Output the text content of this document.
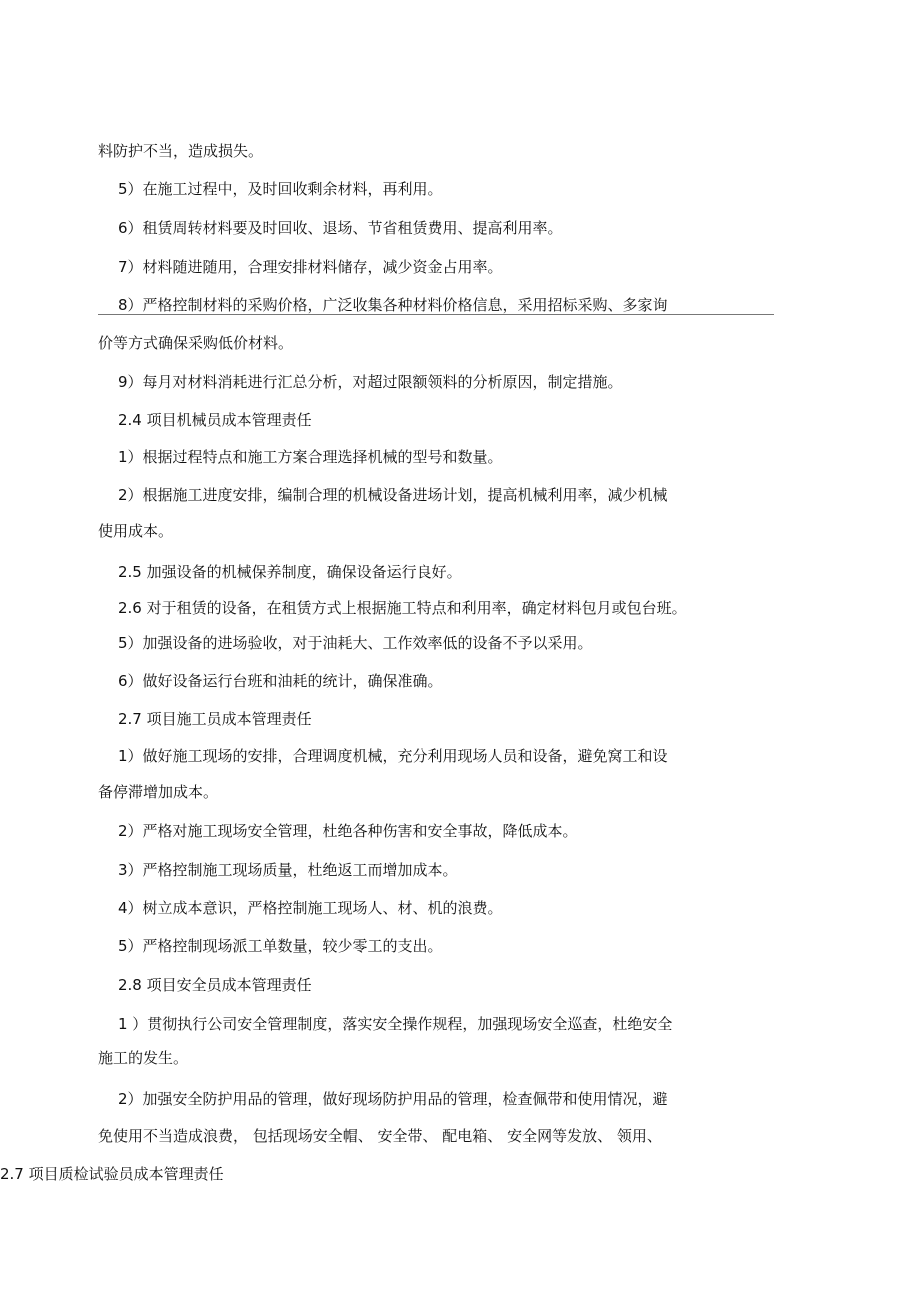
料防护不当，造成损失。
5）在施工过程中，及时回收剩余材料，再利用。
6）租赁周转材料要及时回收、退场、节省租赁费用、提高利用率。
7）材料随进随用，合理安排材料储存，减少资金占用率。
8）严格控制材料的采购价格，广泛收集各种材料价格信息，采用招标采购、多家询
价等方式确保采购低价材料。
9）每月对材料消耗进行汇总分析，对超过限额领料的分析原因，制定措施。
2.4 项目机械员成本管理责任
1）根据过程特点和施工方案合理选择机械的型号和数量。
2）根据施工进度安排，编制合理的机械设备进场计划，提高机械利用率，减少机械
使用成本。
2.5 加强设备的机械保养制度，确保设备运行良好。
2.6 对于租赁的设备，在租赁方式上根据施工特点和利用率，确定材料包月或包台班。
5）加强设备的进场验收，对于油耗大、工作效率低的设备不予以采用。
6）做好设备运行台班和油耗的统计，确保准确。
2.7 项目施工员成本管理责任
1）做好施工现场的安排，合理调度机械，充分利用现场人员和设备，避免窝工和设
备停滞增加成本。
2）严格对施工现场安全管理，杜绝各种伤害和安全事故，降低成本。
3）严格控制施工现场质量，杜绝返工而增加成本。
4）树立成本意识，严格控制施工现场人、材、机的浪费。
5）严格控制现场派工单数量，较少零工的支出。
2.8 项目安全员成本管理责任
1 ）贯彻执行公司安全管理制度，落实安全操作规程，加强现场安全巡查，杜绝安全
施工的发生。
2）加强安全防护用品的管理，做好现场防护用品的管理，检查佩带和使用情况，避
免使用不当造成浪费， 包括现场安全帽、 安全带、 配电箱、 安全网等发放、 领用、
2.7 项目质检试验员成本管理责任
